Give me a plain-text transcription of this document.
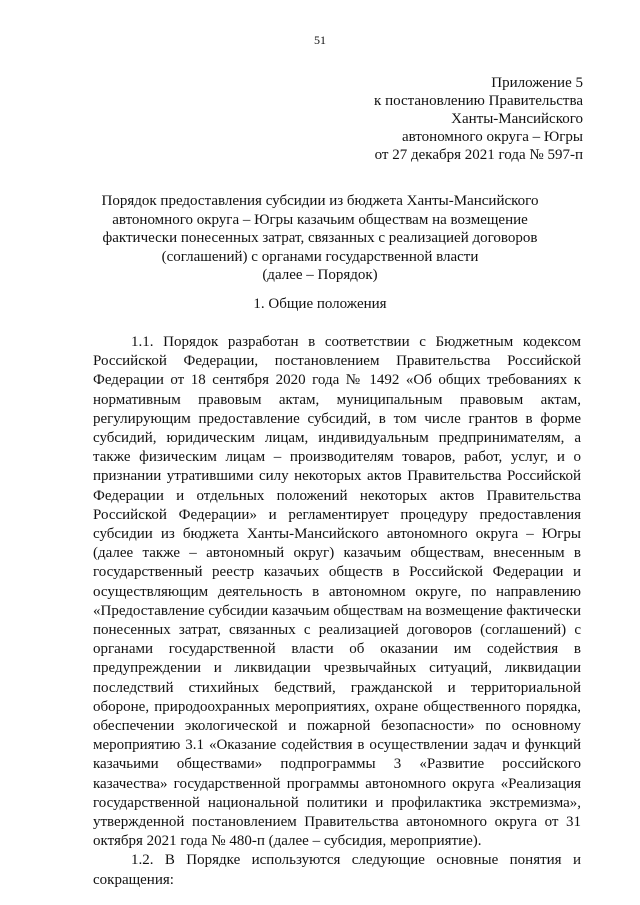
51
Приложение 5
к постановлению Правительства
Ханты-Мансийского
автономного округа – Югры
от 27 декабря 2021 года № 597-п
Порядок предоставления субсидии из бюджета Ханты-Мансийского
автономного округа – Югры казачьим обществам на возмещение
фактически понесенных затрат, связанных с реализацией договоров
(соглашений) с органами государственной власти
(далее – Порядок)
1. Общие положения
1.1. Порядок разработан в соответствии с Бюджетным кодексом
Российской Федерации, постановлением Правительства Российской
Федерации от 18 сентября 2020 года № 1492 «Об общих требованиях к
нормативным правовым актам, муниципальным правовым актам,
регулирующим предоставление субсидий, в том числе грантов в форме
субсидий, юридическим лицам, индивидуальным предпринимателям, а
также физическим лицам – производителям товаров, работ, услуг, и о
признании утратившими силу некоторых актов Правительства Российской
Федерации и отдельных положений некоторых актов Правительства
Российской Федерации» и регламентирует процедуру предоставления
субсидии из бюджета Ханты-Мансийского автономного округа – Югры
(далее также – автономный округ) казачьим обществам, внесенным в
государственный реестр казачьих обществ в Российской Федерации и
осуществляющим деятельность в автономном округе, по направлению
«Предоставление субсидии казачьим обществам на возмещение фактически
понесенных затрат, связанных с реализацией договоров (соглашений) с
органами государственной власти об оказании им содействия в
предупреждении и ликвидации чрезвычайных ситуаций, ликвидации
последствий стихийных бедствий, гражданской и территориальной
обороне, природоохранных мероприятиях, охране общественного порядка,
обеспечении экологической и пожарной безопасности» по основному
мероприятию 3.1 «Оказание содействия в осуществлении задач и функций
казачьими обществами» подпрограммы 3 «Развитие российского
казачества» государственной программы автономного округа «Реализация
государственной национальной политики и профилактика экстремизма»,
утвержденной постановлением Правительства автономного округа от 31
октября 2021 года № 480-п (далее – субсидия, мероприятие).
1.2. В Порядке используются следующие основные понятия и
сокращения:
